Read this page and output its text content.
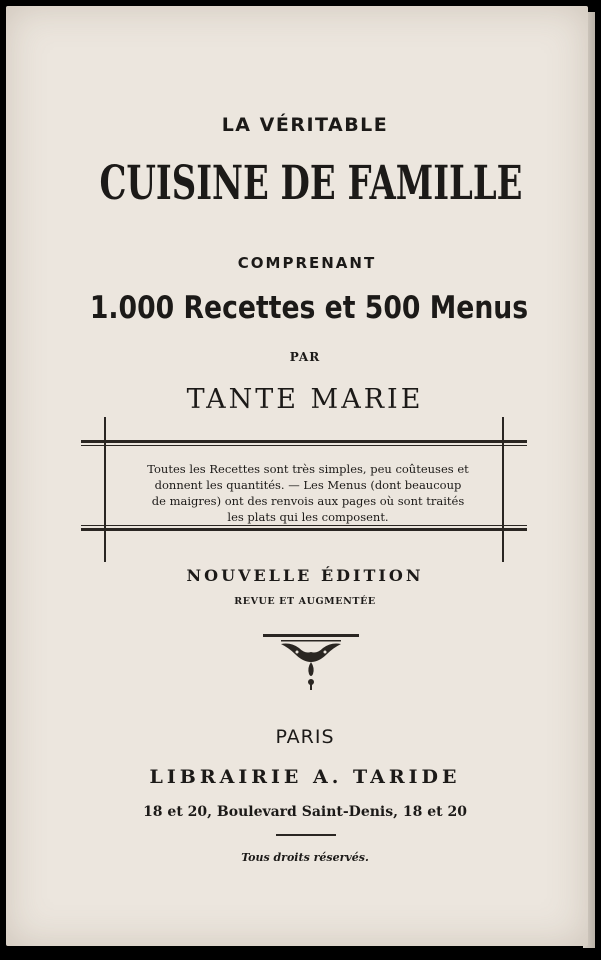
LA VÉRITABLE
CUISINE DE FAMILLE
COMPRENANT
1.000 Recettes et 500 Menus
PAR
TANTE MARIE

Toutes les Recettes sont très simples, peu coûteuses et

donnent les quantités. — Les Menus (dont beaucoup

de maigres) ont des renvois aux pages où sont traités

les plats qui les composent.

NOUVELLE ÉDITION
REVUE ET AUGMENTÉE
PARIS
LIBRAIRIE A. TARIDE
18 et 20, Boulevard Saint-Denis, 18 et 20
Tous droits réservés.
